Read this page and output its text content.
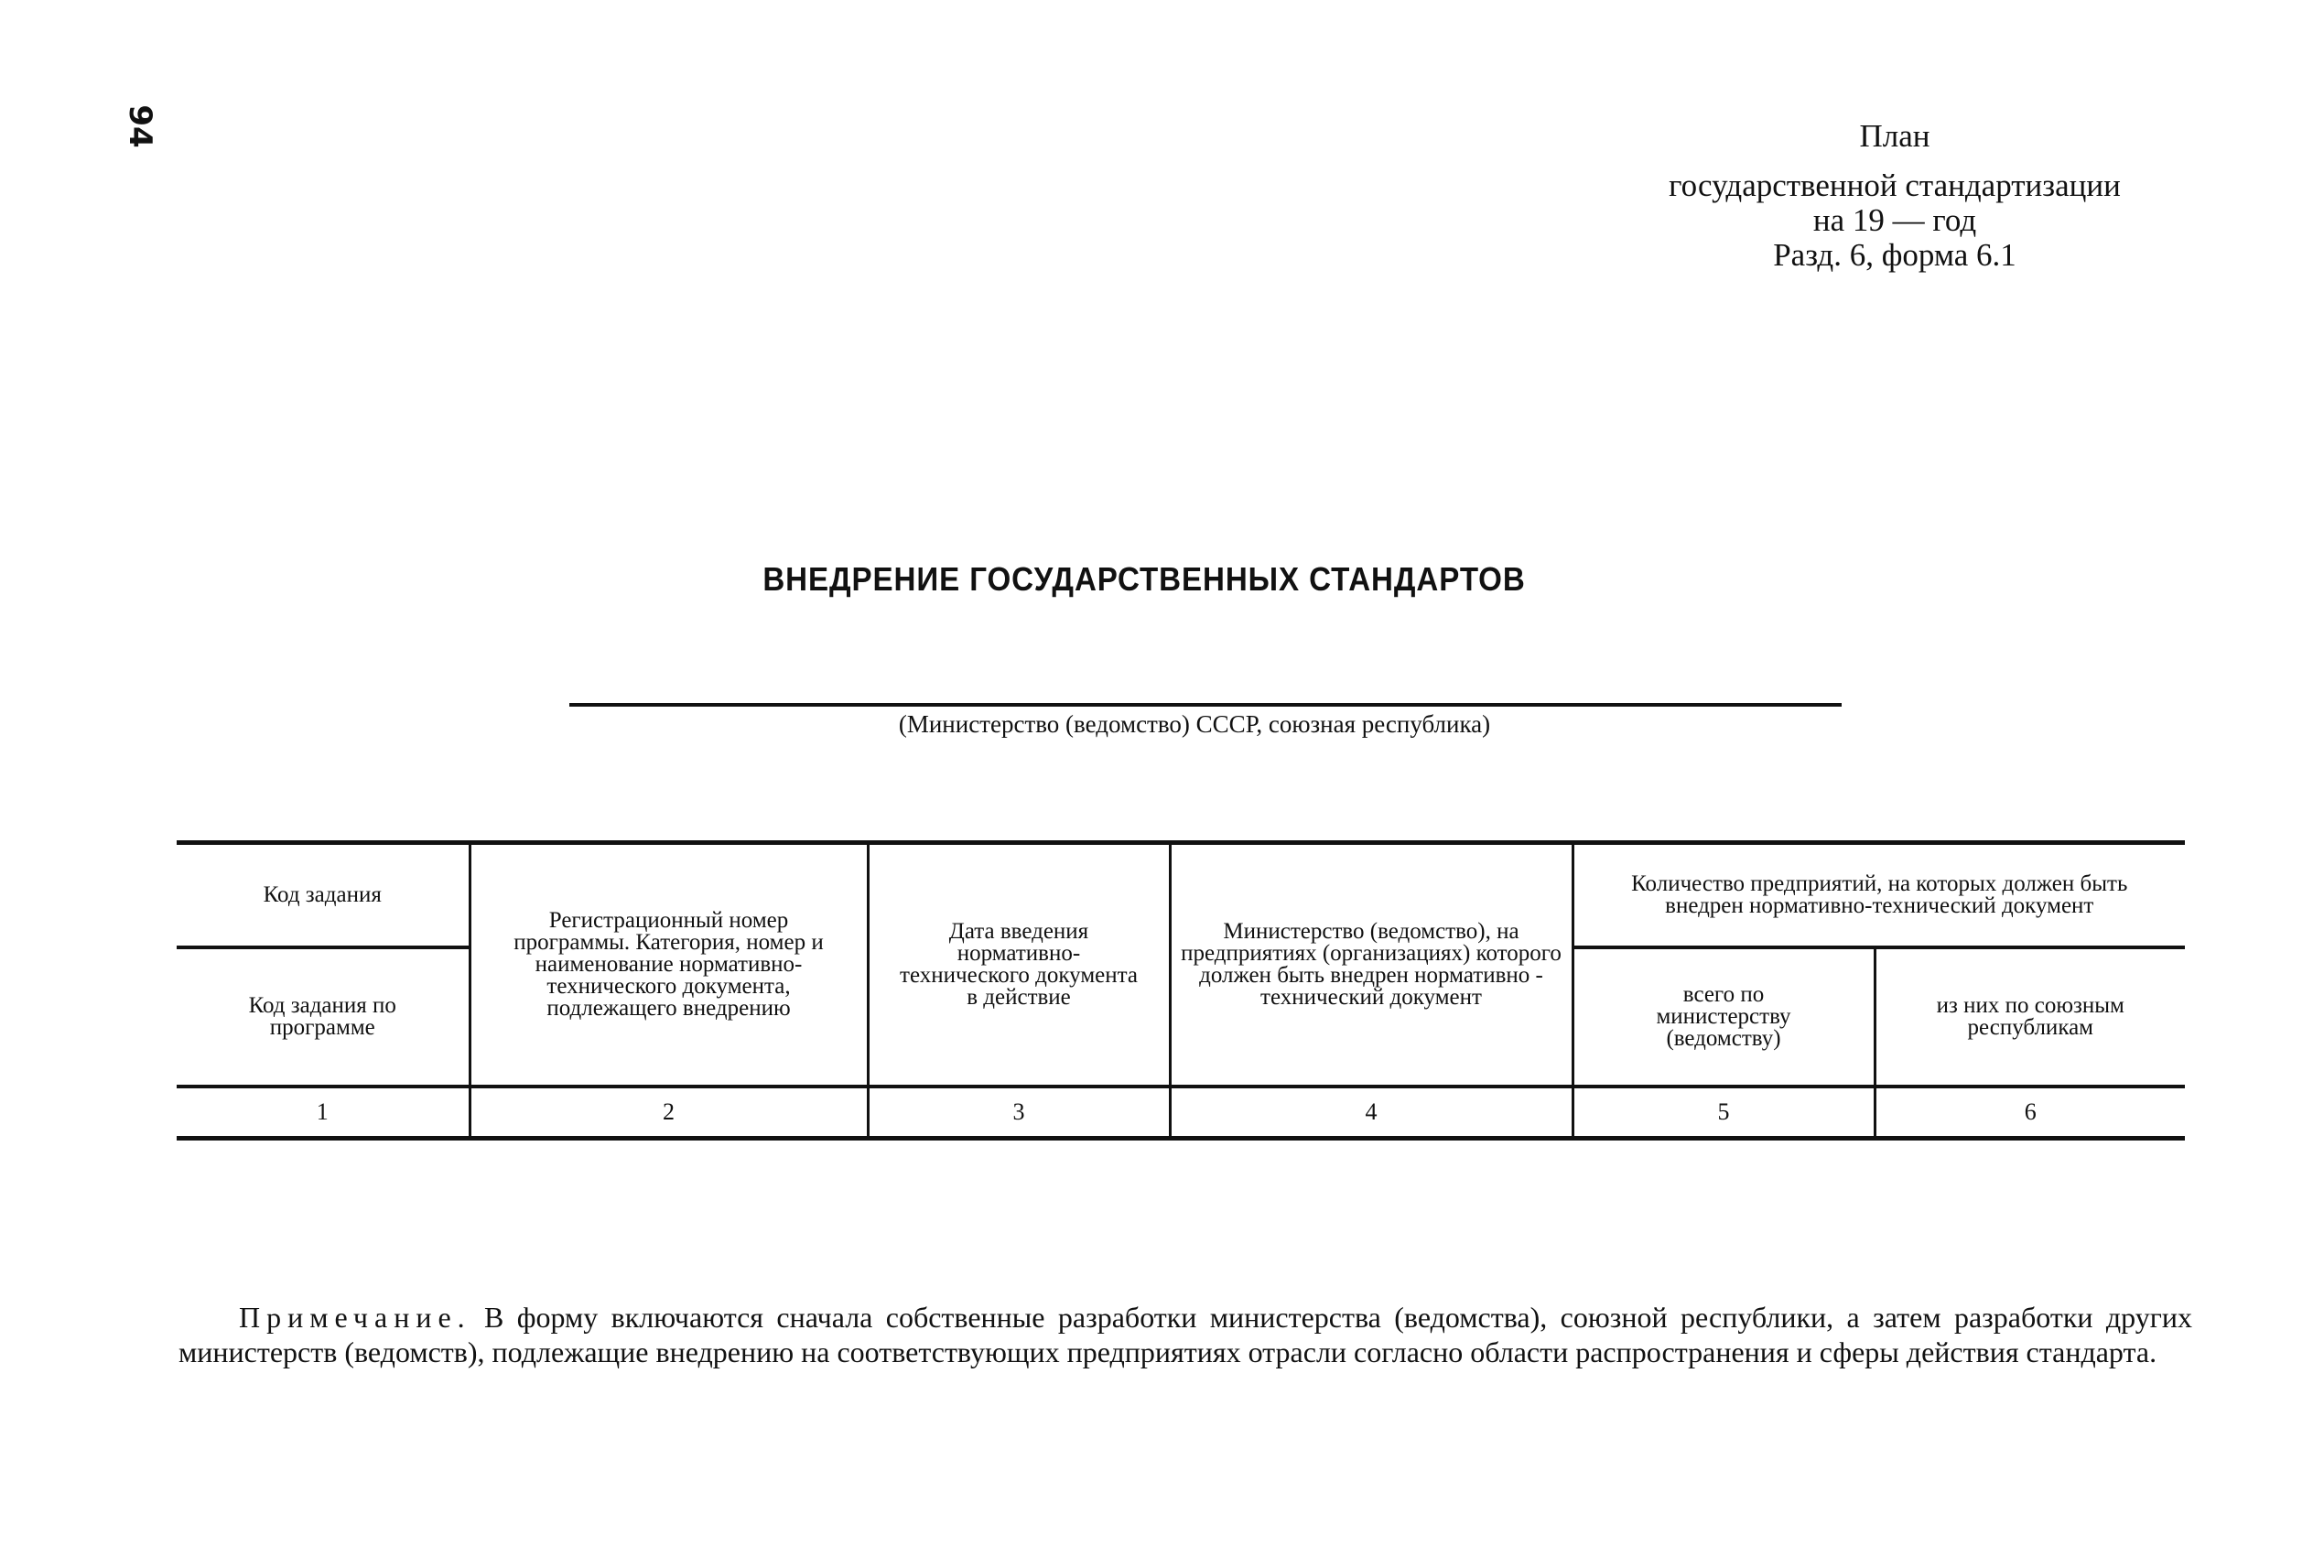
94	План
государственной стандартизации
на 19 — год
Разд. 6, форма 6.1
ВНЕДРЕНИЕ ГОСУДАРСТВЕННЫХ СТАНДАРТОВ
(Министерство (ведомство) СССР, союзная республика)
Код задания	Регистрационный номер программы. Категория, номер и наименование нормативно-технического документа, подлежащего внедрению	Дата введения нормативно-технического документа в действие	Министерство (ведомство), на предприятиях (организациях) которого должен быть внедрен нормативно - технический документ	Количество предприятий, на которых должен быть внедрен нормативно-технический документ	
Код задания по программе				всего по министерству (ведомству)	из них по союзным республикам
1	2	3	4	5	6

Примечание. В форму включаются сначала собственные разработки министерства (ведомства), союзной республики, а затем разработки других министерств (ведомств), подлежащие внедрению на соответствующих предприятиях отрасли согласно области распространения и сферы действия стандарта.
